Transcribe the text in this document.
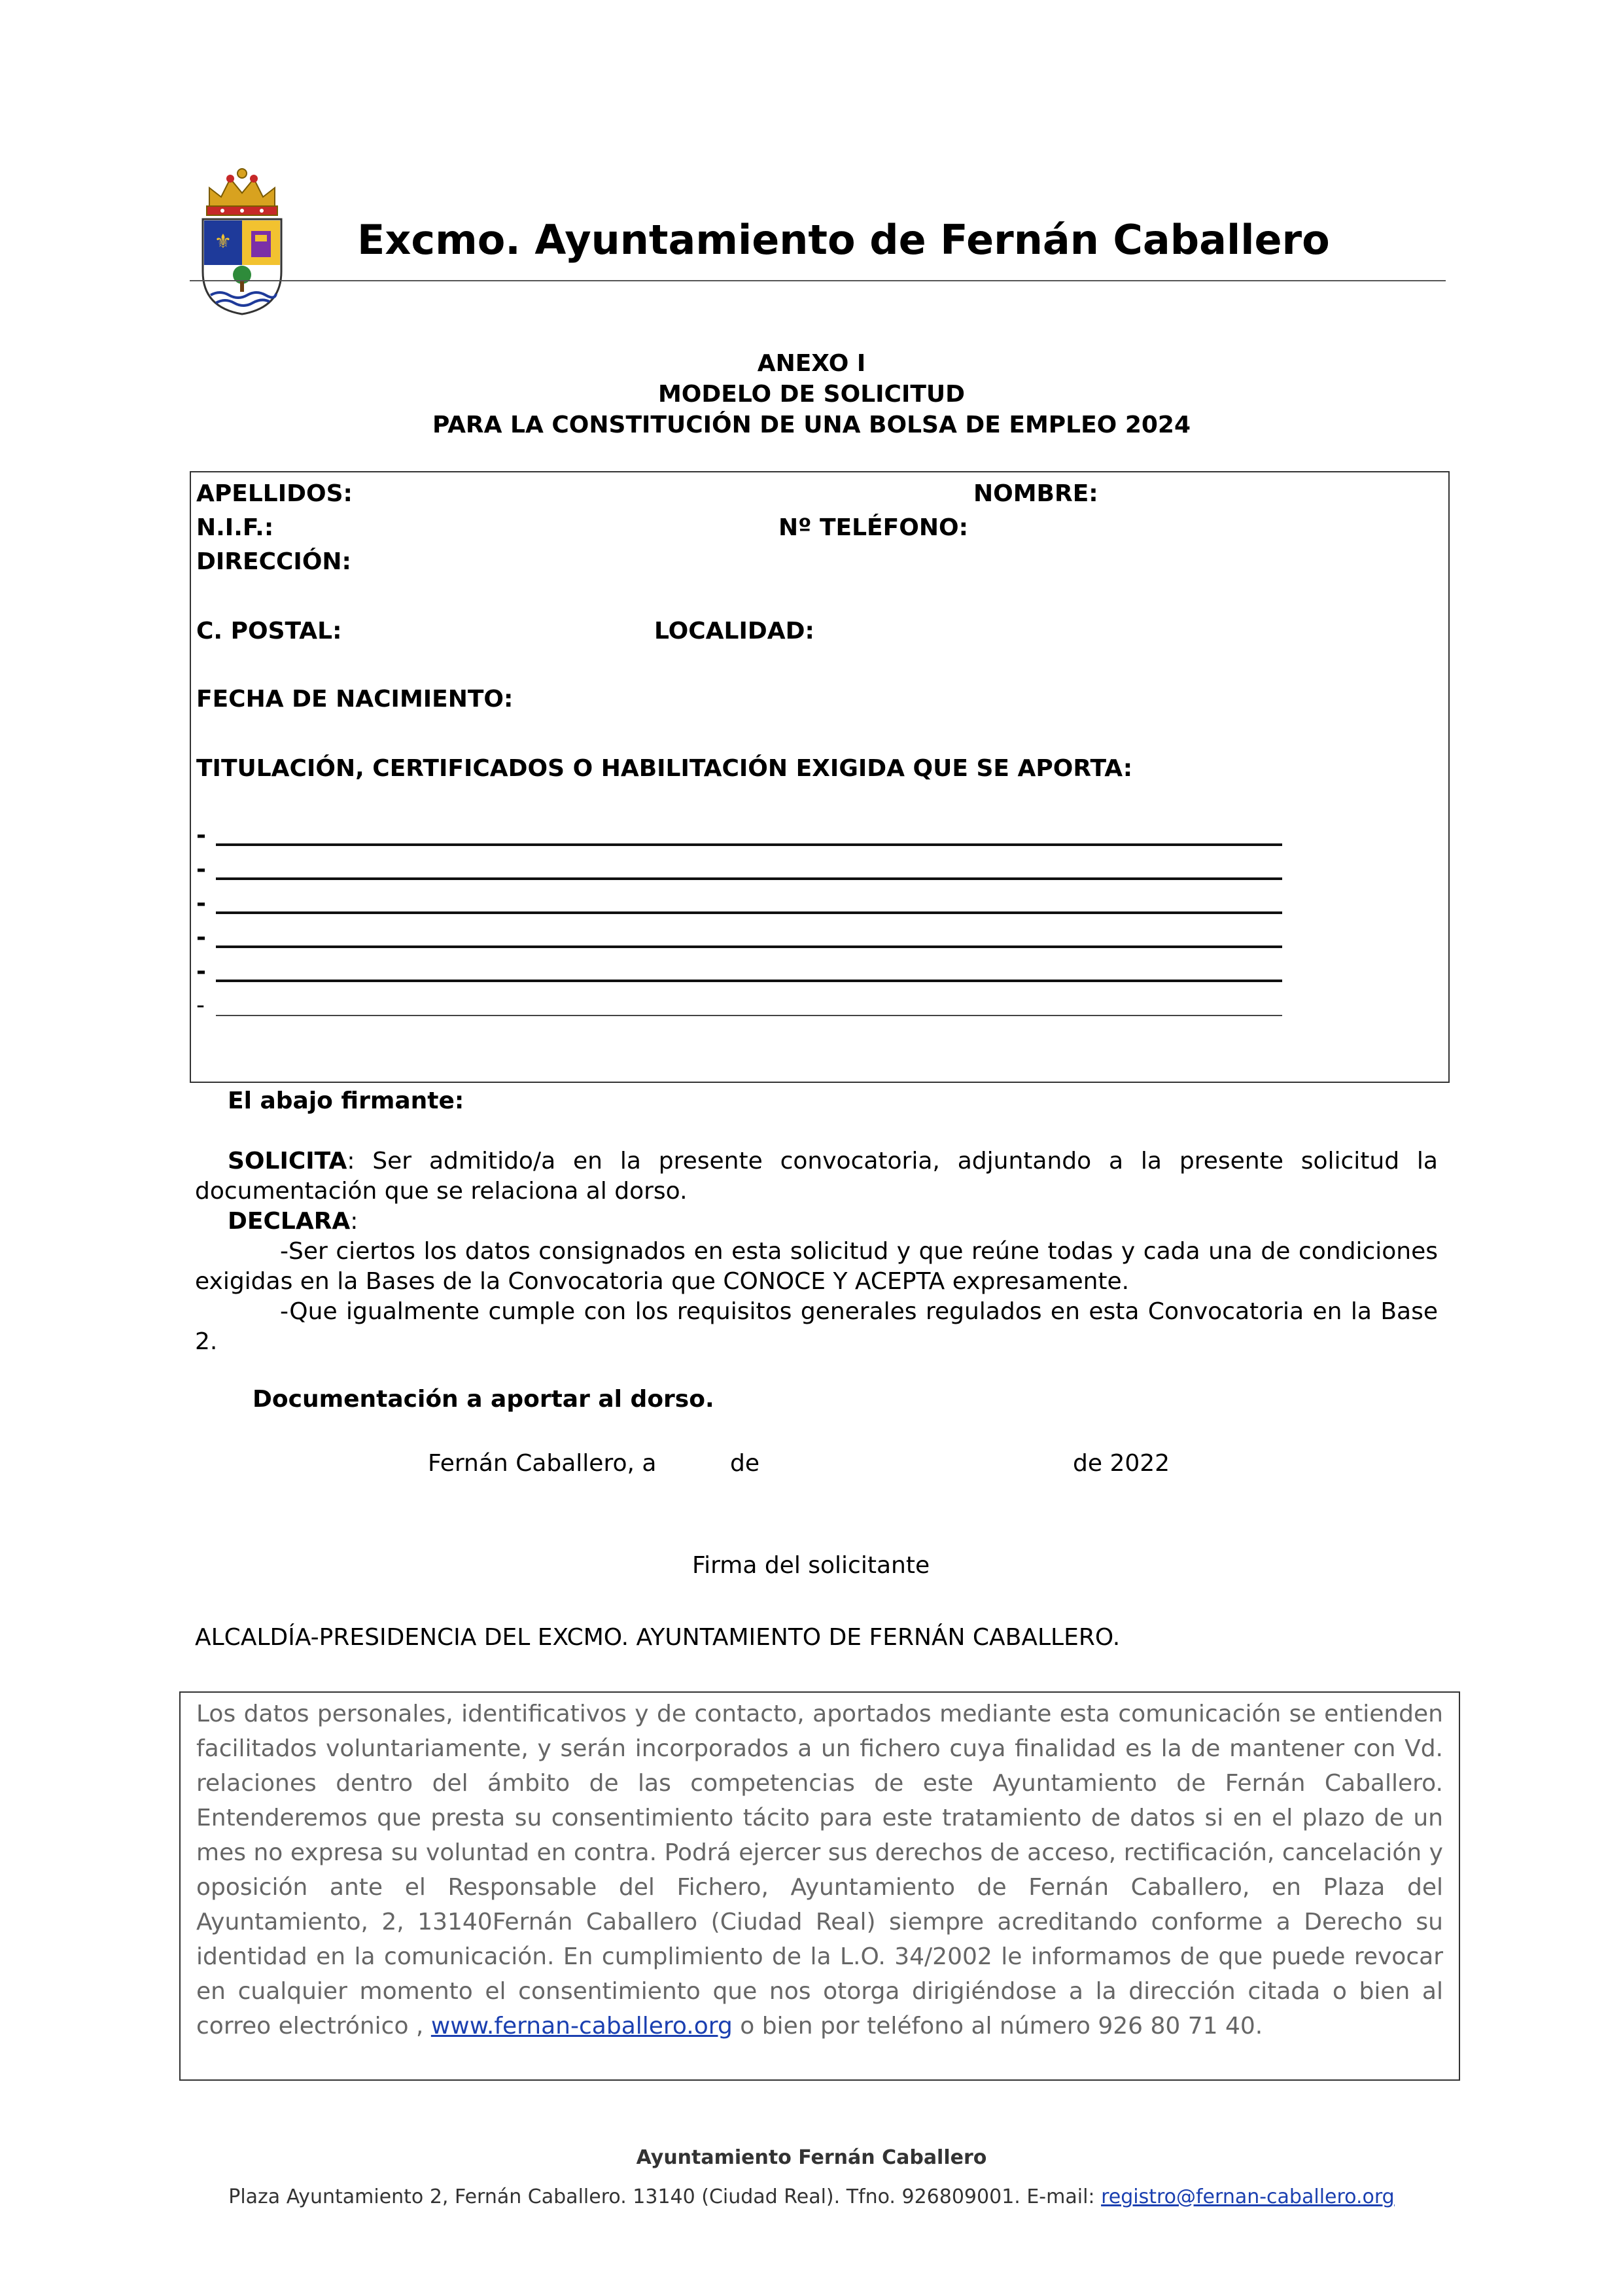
⚜	Excmo. Ayuntamiento de Fernán Caballero
ANEXO I
MODELO DE SOLICITUD
PARA LA CONSTITUCIÓN DE UNA BOLSA DE EMPLEO 2024
APELLIDOS:	NOMBRE:
N.I.F.:	Nº TELÉFONO:
DIRECCIÓN:
C. POSTAL:	LOCALIDAD:
FECHA DE NACIMIENTO:
TITULACIÓN, CERTIFICADOS O HABILITACIÓN EXIGIDA QUE SE APORTA:
-
-
-
-
-
-
El abajo firmante:
SOLICITA: Ser admitido/a en la presente convocatoria, adjuntando a la presente solicitud la documentación que se relaciona al dorso.
DECLARA:
-Ser ciertos los datos consignados en esta solicitud y que reúne todas y cada una de condiciones exigidas en la Bases de la Convocatoria que CONOCE Y ACEPTA expresamente.
-Que igualmente cumple con los requisitos generales regulados en esta Convocatoria en la Base 2.
Documentación a aportar al dorso.
Fernán Caballero, a	de	de 2022
Firma del solicitante
ALCALDÍA-PRESIDENCIA DEL EXCMO. AYUNTAMIENTO DE FERNÁN CABALLERO.

Los datos personales, identificativos y de contacto, aportados mediante esta comunicación se entienden facilitados voluntariamente, y serán incorporados a un fichero cuya finalidad es la de mantener con Vd. relaciones dentro del ámbito de las competencias de este Ayuntamiento de Fernán Caballero. Entenderemos que presta su consentimiento tácito para este tratamiento de datos si en el plazo de un mes no expresa su voluntad en contra. Podrá ejercer sus derechos de acceso, rectificación, cancelación y oposición ante el Responsable del Fichero, Ayuntamiento de Fernán Caballero, en Plaza del Ayuntamiento, 2, 13140Fernán Caballero (Ciudad Real) siempre acreditando conforme a Derecho su identidad en la comunicación. En cumplimiento de la L.O. 34/2002 le informamos de que puede revocar en cualquier momento el consentimiento que nos otorga dirigiéndose a la dirección citada o bien al correo electrónico , www.fernan-caballero.org o bien por teléfono al número 926 80 71 40.

Ayuntamiento Fernán Caballero
Plaza Ayuntamiento 2, Fernán Caballero. 13140 (Ciudad Real). Tfno. 926809001. E-mail: registro@fernan-caballero.org
